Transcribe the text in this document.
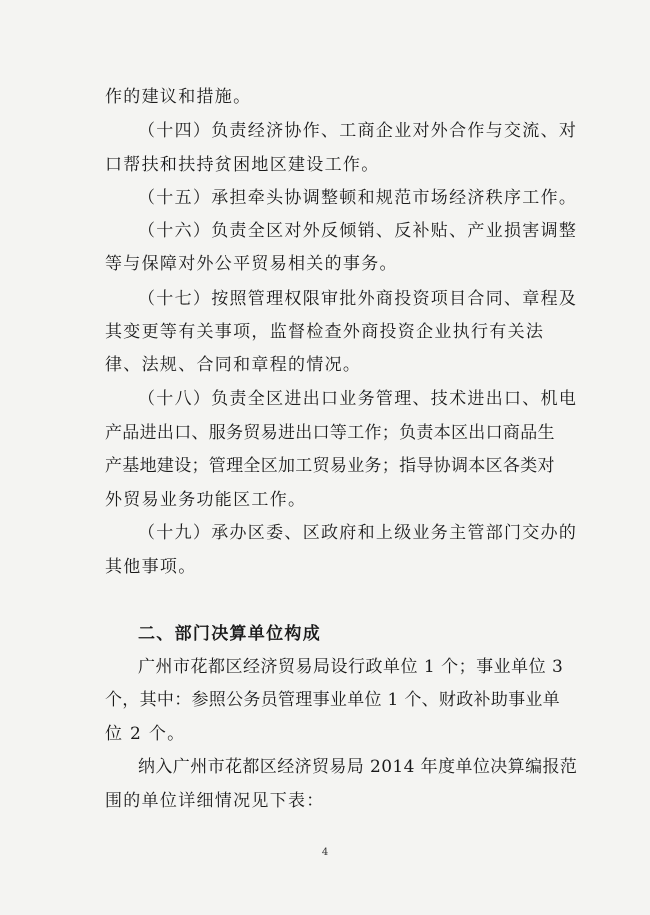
作的建议和措施。
（十四）负责经济协作、工商企业对外合作与交流、对
口帮扶和扶持贫困地区建设工作。
（十五）承担牵头协调整顿和规范市场经济秩序工作。
（十六）负责全区对外反倾销、反补贴、产业损害调整
等与保障对外公平贸易相关的事务。
（十七）按照管理权限审批外商投资项目合同、章程及
其变更等有关事项，监督检查外商投资企业执行有关法
律、法规、合同和章程的情况。
（十八）负责全区进出口业务管理、技术进出口、机电
产品进出口、服务贸易进出口等工作；负责本区出口商品生
产基地建设；管理全区加工贸易业务；指导协调本区各类对
外贸易业务功能区工作。
（十九）承办区委、区政府和上级业务主管部门交办的
其他事项。
二、部门决算单位构成
广州市花都区经济贸易局设行政单位 1 个；事业单位 3
个，其中：参照公务员管理事业单位 1 个、财政补助事业单
位 2 个。
纳入广州市花都区经济贸易局 2014 年度单位决算编报范
围的单位详细情况见下表：
4
